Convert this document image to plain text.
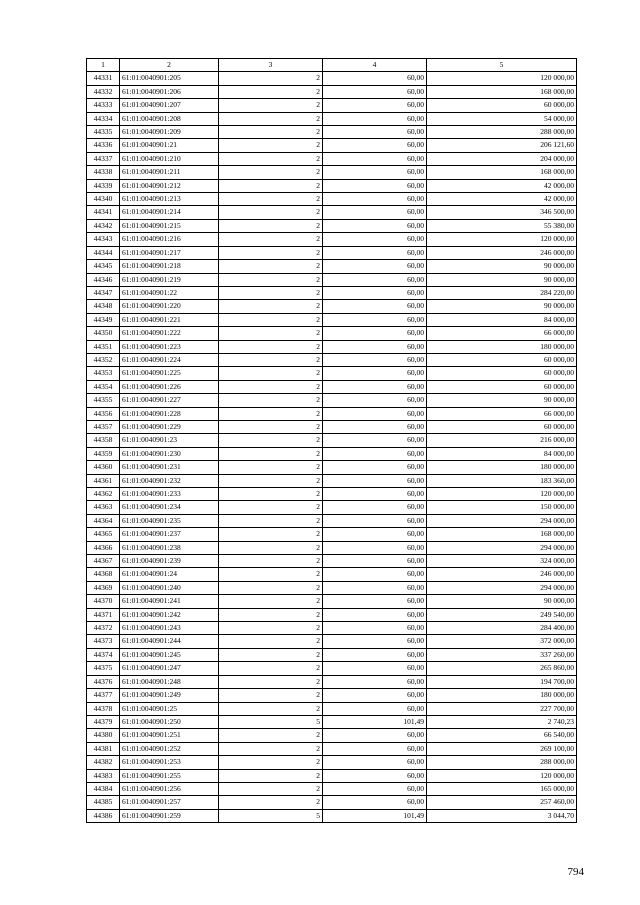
1	2	3	4	5
44331	61:01:0040901:205	2	60,00	120 000,00
44332	61:01:0040901:206	2	60,00	168 000,00
44333	61:01:0040901:207	2	60,00	60 000,00
44334	61:01:0040901:208	2	60,00	54 000,00
44335	61:01:0040901:209	2	60,00	288 000,00
44336	61:01:0040901:21	2	60,00	206 121,60
44337	61:01:0040901:210	2	60,00	204 000,00
44338	61:01:0040901:211	2	60,00	168 000,00
44339	61:01:0040901:212	2	60,00	42 000,00
44340	61:01:0040901:213	2	60,00	42 000,00
44341	61:01:0040901:214	2	60,00	346 500,00
44342	61:01:0040901:215	2	60,00	55 380,00
44343	61:01:0040901:216	2	60,00	120 000,00
44344	61:01:0040901:217	2	60,00	246 000,00
44345	61:01:0040901:218	2	60,00	90 000,00
44346	61:01:0040901:219	2	60,00	90 000,00
44347	61:01:0040901:22	2	60,00	284 220,00
44348	61:01:0040901:220	2	60,00	90 000,00
44349	61:01:0040901:221	2	60,00	84 000,00
44350	61:01:0040901:222	2	60,00	66 000,00
44351	61:01:0040901:223	2	60,00	180 000,00
44352	61:01:0040901:224	2	60,00	60 000,00
44353	61:01:0040901:225	2	60,00	60 000,00
44354	61:01:0040901:226	2	60,00	60 000,00
44355	61:01:0040901:227	2	60,00	90 000,00
44356	61:01:0040901:228	2	60,00	66 000,00
44357	61:01:0040901:229	2	60,00	60 000,00
44358	61:01:0040901:23	2	60,00	216 000,00
44359	61:01:0040901:230	2	60,00	84 000,00
44360	61:01:0040901:231	2	60,00	180 000,00
44361	61:01:0040901:232	2	60,00	183 360,00
44362	61:01:0040901:233	2	60,00	120 000,00
44363	61:01:0040901:234	2	60,00	150 000,00
44364	61:01:0040901:235	2	60,00	294 000,00
44365	61:01:0040901:237	2	60,00	168 000,00
44366	61:01:0040901:238	2	60,00	294 000,00
44367	61:01:0040901:239	2	60,00	324 000,00
44368	61:01:0040901:24	2	60,00	246 000,00
44369	61:01:0040901:240	2	60,00	294 000,00
44370	61:01:0040901:241	2	60,00	90 000,00
44371	61:01:0040901:242	2	60,00	249 540,00
44372	61:01:0040901:243	2	60,00	284 400,00
44373	61:01:0040901:244	2	60,00	372 000,00
44374	61:01:0040901:245	2	60,00	337 260,00
44375	61:01:0040901:247	2	60,00	265 860,00
44376	61:01:0040901:248	2	60,00	194 700,00
44377	61:01:0040901:249	2	60,00	180 000,00
44378	61:01:0040901:25	2	60,00	227 700,00
44379	61:01:0040901:250	5	101,49	2 740,23
44380	61:01:0040901:251	2	60,00	66 540,00
44381	61:01:0040901:252	2	60,00	269 100,00
44382	61:01:0040901:253	2	60,00	288 000,00
44383	61:01:0040901:255	2	60,00	120 000,00
44384	61:01:0040901:256	2	60,00	165 000,00
44385	61:01:0040901:257	2	60,00	257 460,00
44386	61:01:0040901:259	5	101,49	3 044,70
794
